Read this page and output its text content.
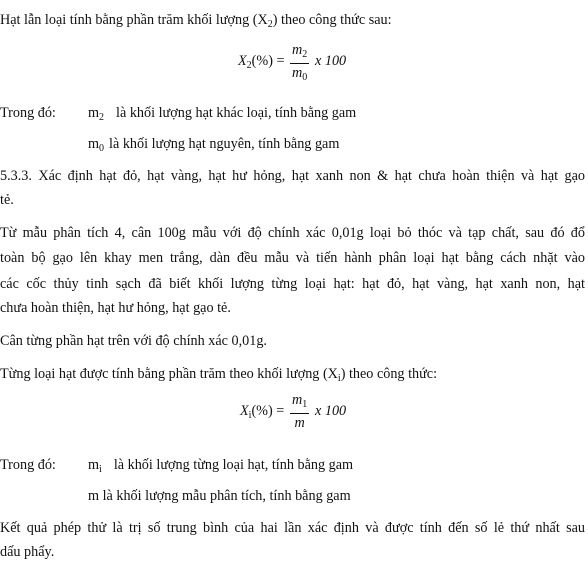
Hạt lẫn loại tính bằng phần trăm khối lượng $(X_2)$ theo công thức sau:
$X_2(\%) = \frac{m_2}{m_0}$ x 100
Trong đó: $m_2$ là khối lượng hạt khác loại, tính bằng gam
$m_0$ là khối lượng hạt nguyên, tính bằng gam
5.3.3. Xác định hạt đỏ, hạt vàng, hạt hư hỏng, hạt xanh non & hạt chưa hoàn thiện và hạt gạo
tẻ.
Từ mẫu phân tích 4, cân 100g mẫu với độ chính xác 0,01g loại bỏ thóc và tạp chất, sau đó đổ
toàn bộ gạo lên khay men trắng, dàn đều mẫu và tiến hành phân loại hạt bằng cách nhặt vào
các cốc thủy tinh sạch đã biết khối lượng từng loại hạt: hạt đỏ, hạt vàng, hạt xanh non, hạt
chưa hoàn thiện, hạt hư hỏng, hạt gạo tẻ.
Cân từng phần hạt trên với độ chính xác 0,01g.
Từng loại hạt được tính bằng phần trăm theo khối lượng $(X_i)$ theo công thức:
$X_i(\%) = \frac{m_1}{m}$ x 100
Trong đó: $m_i$ là khối lượng từng loại hạt, tính bằng gam
m là khối lượng mẫu phân tích, tính bằng gam
Kết quả phép thử là trị số trung bình của hai lần xác định và được tính đến số lẻ thứ nhất sau
dấu phẩy.
